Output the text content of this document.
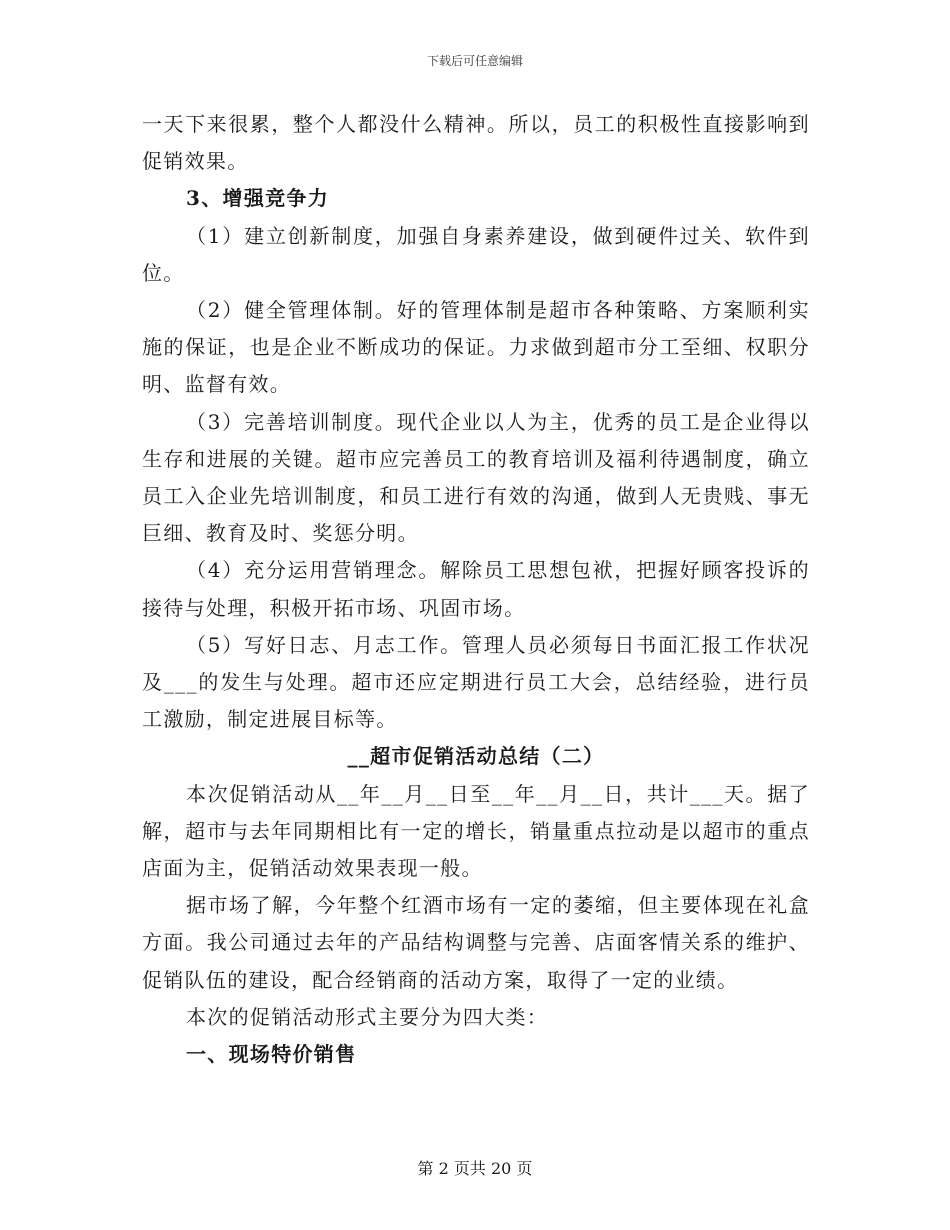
下载后可任意编辑

一天下来很累，整个人都没什么精神。所以，员工的积极性直接影响到促销效果。

3、增强竞争力

（1）建立创新制度，加强自身素养建设，做到硬件过关、软件到位。

（2）健全管理体制。好的管理体制是超市各种策略、方案顺利实施的保证，也是企业不断成功的保证。力求做到超市分工至细、权职分明、监督有效。

（3）完善培训制度。现代企业以人为主，优秀的员工是企业得以生存和进展的关键。超市应完善员工的教育培训及福利待遇制度，确立员工入企业先培训制度，和员工进行有效的沟通，做到人无贵贱、事无巨细、教育及时、奖惩分明。

（4）充分运用营销理念。解除员工思想包袱，把握好顾客投诉的接待与处理，积极开拓市场、巩固市场。

（5）写好日志、月志工作。管理人员必须每日书面汇报工作状况及___的发生与处理。超市还应定期进行员工大会，总结经验，进行员工激励，制定进展目标等。

__超市促销活动总结（二）

本次促销活动从__年__月__日至__年__月__日，共计___天。据了解，超市与去年同期相比有一定的增长，销量重点拉动是以超市的重点店面为主，促销活动效果表现一般。

据市场了解，今年整个红酒市场有一定的萎缩，但主要体现在礼盒方面。我公司通过去年的产品结构调整与完善、店面客情关系的维护、促销队伍的建设，配合经销商的活动方案，取得了一定的业绩。

本次的促销活动形式主要分为四大类：

一、现场特价销售

第 2 页共 20 页
